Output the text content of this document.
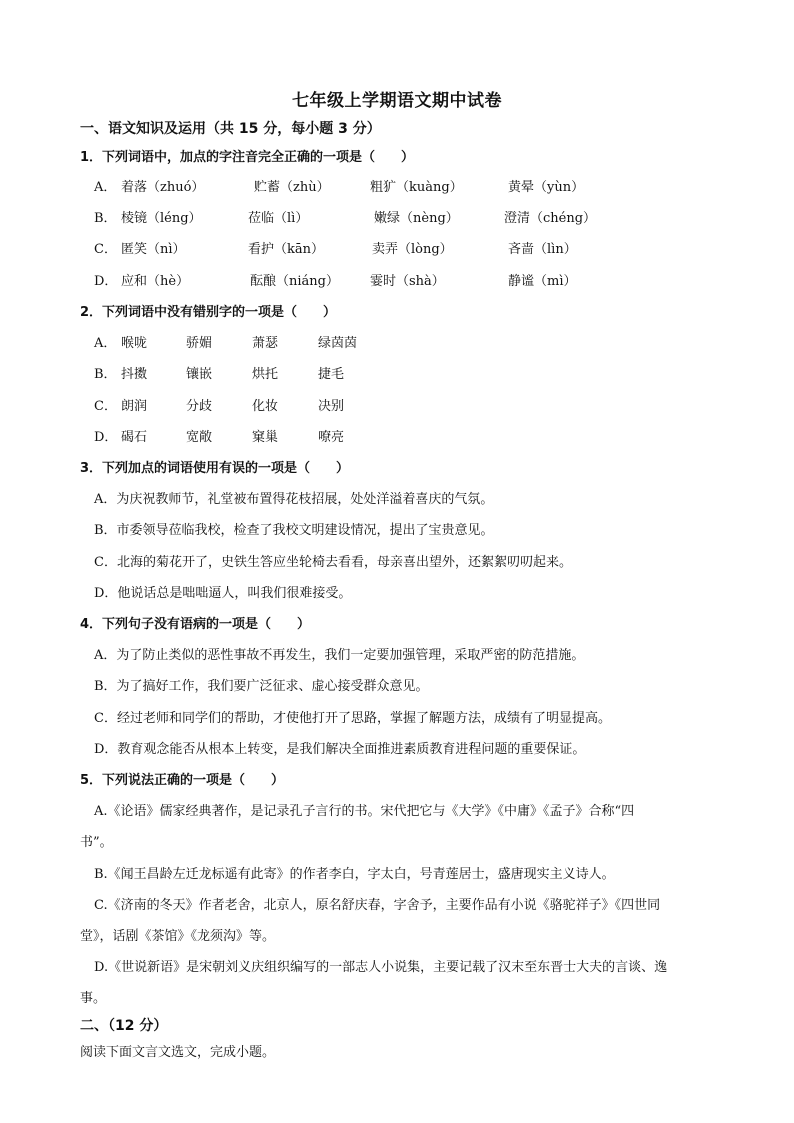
七年级上学期语文期中试卷
一、语文知识及运用（共 15 分，每小题 3 分）
1．下列词语中，加点的字注音完全正确的一项是（　　）
A． 着落（zhuó）	贮蓄（zhù）	粗犷（kuàng）	黄晕（yùn）
B． 棱镜（léng）	莅临（lì）	嫩绿（nèng）	澄清（chéng）
C． 匿笑（nì）	看护（kān）	卖弄（lòng）	吝啬（lìn）
D． 应和（hè）	酝酿（niáng） 霎时（shà）	静谧（mì）
2．下列词语中没有错别字的一项是（　　）
A． 喉咙	骄媚	萧瑟	绿茵茵
B． 抖擞	镶嵌	烘托	捷毛
C． 朗润	分歧	化妆	决别
D． 碣石	宽敞	窠巢	嘹亮
3．下列加点的词语使用有误的一项是（　　）
A．为庆祝教师节，礼堂被布置得花枝招展，处处洋溢着喜庆的气氛。
B．市委领导莅临我校，检查了我校文明建设情况，提出了宝贵意见。
C．北海的菊花开了，史铁生答应坐轮椅去看看，母亲喜出望外，还絮絮叨叨起来。
D．他说话总是咄咄逼人，叫我们很难接受。
4．下列句子没有语病的一项是（　　）
A．为了防止类似的恶性事故不再发生，我们一定要加强管理，采取严密的防范措施。
B．为了搞好工作，我们要广泛征求、虚心接受群众意见。
C．经过老师和同学们的帮助，才使他打开了思路，掌握了解题方法，成绩有了明显提高。
D．教育观念能否从根本上转变，是我们解决全面推进素质教育进程问题的重要保证。
5．下列说法正确的一项是（　　）
A.《论语》儒家经典著作，是记录孔子言行的书。宋代把它与《大学》《中庸》《孟子》合称“四
书”。
B.《闻王昌龄左迁龙标遥有此寄》的作者李白，字太白，号青莲居士，盛唐现实主义诗人。
C.《济南的冬天》作者老舍，北京人，原名舒庆春，字舍予，主要作品有小说《骆驼祥子》《四世同
堂》，话剧《茶馆》《龙须沟》等。
D.《世说新语》是宋朝刘义庆组织编写的一部志人小说集，主要记载了汉末至东晋士大夫的言谈、逸
事。
二、（12 分）
阅读下面文言文选文，完成小题。
